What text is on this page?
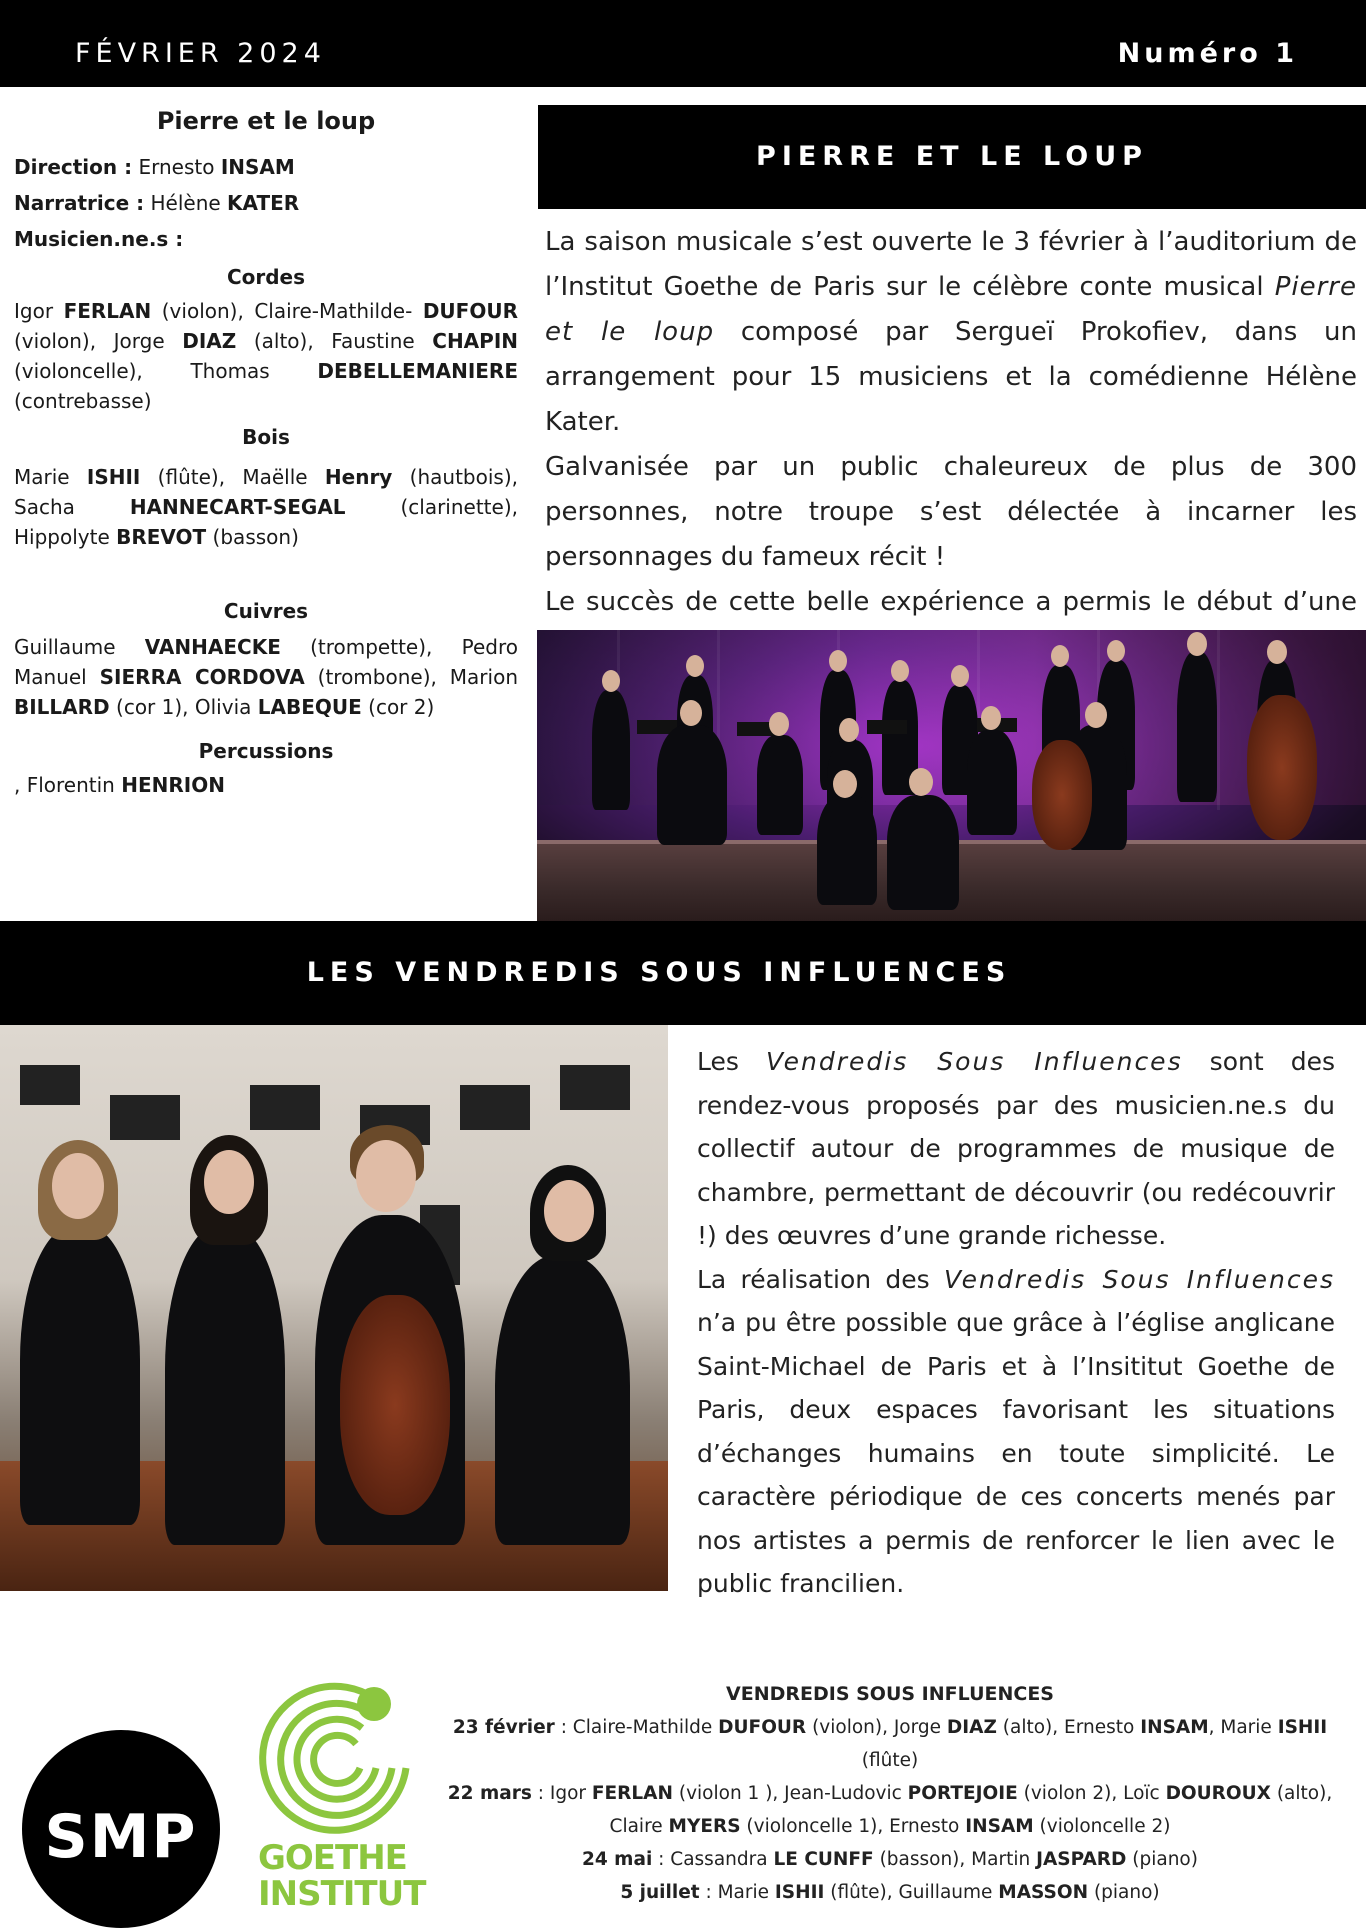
FÉVRIER 2024	Numéro 1
Pierre et le loup
Direction : Ernesto INSAM
Narratrice : Hélène KATER
Musicien.ne.s :
Cordes
Igor FERLAN (violon), Claire-Mathilde- DUFOUR (violon), Jorge DIAZ (alto), Faustine CHAPIN (violoncelle), Thomas DEBELLEMANIERE (contrebasse)
Bois
Marie ISHII (flûte), Maëlle Henry (hautbois), Sacha HANNECART-SEGAL (clarinette), Hippolyte BREVOT (basson)
Cuivres
Guillaume VANHAECKE (trompette), Pedro Manuel SIERRA CORDOVA (trombone), Marion BILLARD (cor 1), Olivia LABEQUE (cor 2)
Percussions
, Florentin HENRION
PIERRE ET LE LOUP

La saison musicale s’est ouverte le 3 février à l’auditorium de l’Institut Goethe de Paris sur le célèbre conte musical Pierre et le loup composé par Sergueï Prokofiev, dans un arrangement pour 15 musiciens et la comédienne Hélène Kater.

Galvanisée par un public chaleureux de plus de 300 personnes, notre troupe s’est délectée à incarner les personnages du fameux récit !

Le succès de cette belle expérience a permis le début d’une

LES VENDREDIS SOUS INFLUENCES

Les Vendredis Sous Influences sont des rendez-vous proposés par des musicien.ne.s du collectif autour de programmes de musique de chambre, permettant de découvrir (ou redécouvrir !) des œuvres d’une grande richesse.

La réalisation des Vendredis Sous Influences n’a pu être possible que grâce à l’église anglicane Saint-Michael de Paris et à l’Insititut Goethe de Paris, deux espaces favorisant les situations d’échanges humains en toute simplicité. Le caractère périodique de ces concerts menés par nos artistes a permis de renforcer le lien avec le public francilien.

SMP	GOETHE
INSTITUT
VENDREDIS SOUS INFLUENCES
23 février : Claire-Mathilde DUFOUR (violon), Jorge DIAZ (alto), Ernesto INSAM, Marie ISHII (flûte)
22 mars : Igor FERLAN (violon 1 ), Jean-Ludovic PORTEJOIE (violon 2), Loïc DOUROUX (alto),
Claire MYERS (violoncelle 1), Ernesto INSAM (violoncelle 2)
24 mai : Cassandra LE CUNFF (basson), Martin JASPARD (piano)
5 juillet : Marie ISHII (flûte), Guillaume MASSON (piano)
